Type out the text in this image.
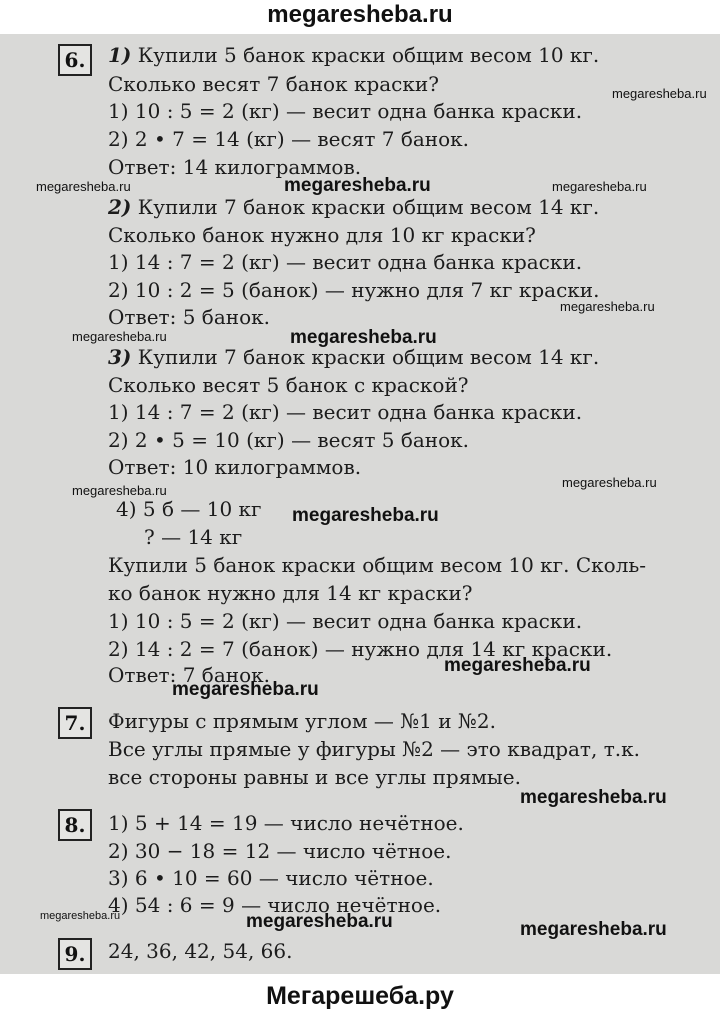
megaresheba.ru
6.	1) Купили 5 банок краски общим весом 10 кг.
Сколько весят 7 банок краски?
1) 10 : 5 = 2 (кг) — весит одна банка краски.
2) 2 • 7 = 14 (кг) — весят 7 банок.
Ответ: 14 килограммов.
2) Купили 7 банок краски общим весом 14 кг.
Сколько банок нужно для 10 кг краски?
1) 14 : 7 = 2 (кг) — весит одна банка краски.
2) 10 : 2 = 5 (банок) — нужно для 7 кг краски.
Ответ: 5 банок.
3) Купили 7 банок краски общим весом 14 кг.
Сколько весят 5 банок с краской?
1) 14 : 7 = 2 (кг) — весит одна банка краски.
2) 2 • 5 = 10 (кг) — весят 5 банок.
Ответ: 10 килограммов.
4) 5 б — 10 кг
? — 14 кг
Купили 5 банок краски общим весом 10 кг. Сколь-
ко банок нужно для 14 кг краски?
1) 10 : 5 = 2 (кг) — весит одна банка краски.
2) 14 : 2 = 7 (банок) — нужно для 14 кг краски.
Ответ: 7 банок.
7.	Фигуры с прямым углом — №1 и №2.
Все углы прямые у фигуры №2 — это квадрат, т.к.
все стороны равны и все углы прямые.
8.	1) 5 + 14 = 19 — число нечётное.
2) 30 − 18 = 12 — число чётное.
3) 6 • 10 = 60 — число чётное.
4) 54 : 6 = 9 — число нечётное.
9.	24, 36, 42, 54, 66.
megaresheba.ru
megaresheba.ru	megaresheba.ru	megaresheba.ru
megaresheba.ru
megaresheba.ru	megaresheba.ru
megaresheba.ru
megaresheba.ru
megaresheba.ru
megaresheba.ru
megaresheba.ru
megaresheba.ru
megaresheba.ru	megaresheba.ru	megaresheba.ru
Мегарешеба.ру
